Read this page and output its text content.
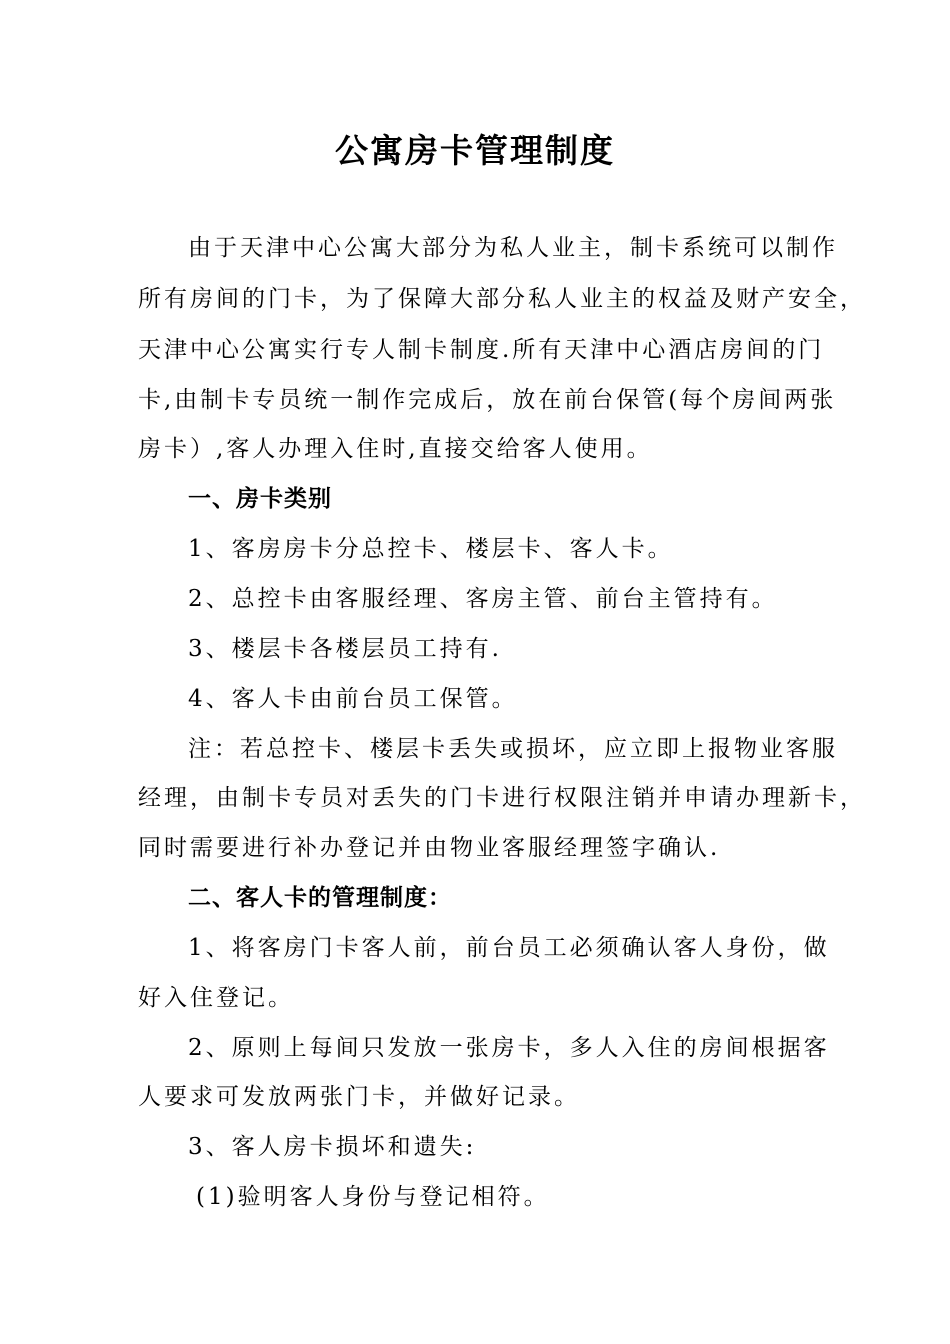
公寓房卡管理制度
由于天津中心公寓大部分为私人业主，制卡系统可以制作
所有房间的门卡，为了保障大部分私人业主的权益及财产安全，
天津中心公寓实行专人制卡制度.所有天津中心酒店房间的门
卡,由制卡专员统一制作完成后，放在前台保管(每个房间两张
房卡）,客人办理入住时,直接交给客人使用。
一、房卡类别
1、客房房卡分总控卡、楼层卡、客人卡。
2、总控卡由客服经理、客房主管、前台主管持有。
3、楼层卡各楼层员工持有.
4、客人卡由前台员工保管。
注：若总控卡、楼层卡丢失或损坏，应立即上报物业客服
经理，由制卡专员对丢失的门卡进行权限注销并申请办理新卡，
同时需要进行补办登记并由物业客服经理签字确认.
二、客人卡的管理制度：
1、将客房门卡客人前，前台员工必须确认客人身份，做
好入住登记。
2、原则上每间只发放一张房卡，多人入住的房间根据客
人要求可发放两张门卡，并做好记录。
3、客人房卡损坏和遗失:
(1)验明客人身份与登记相符。
